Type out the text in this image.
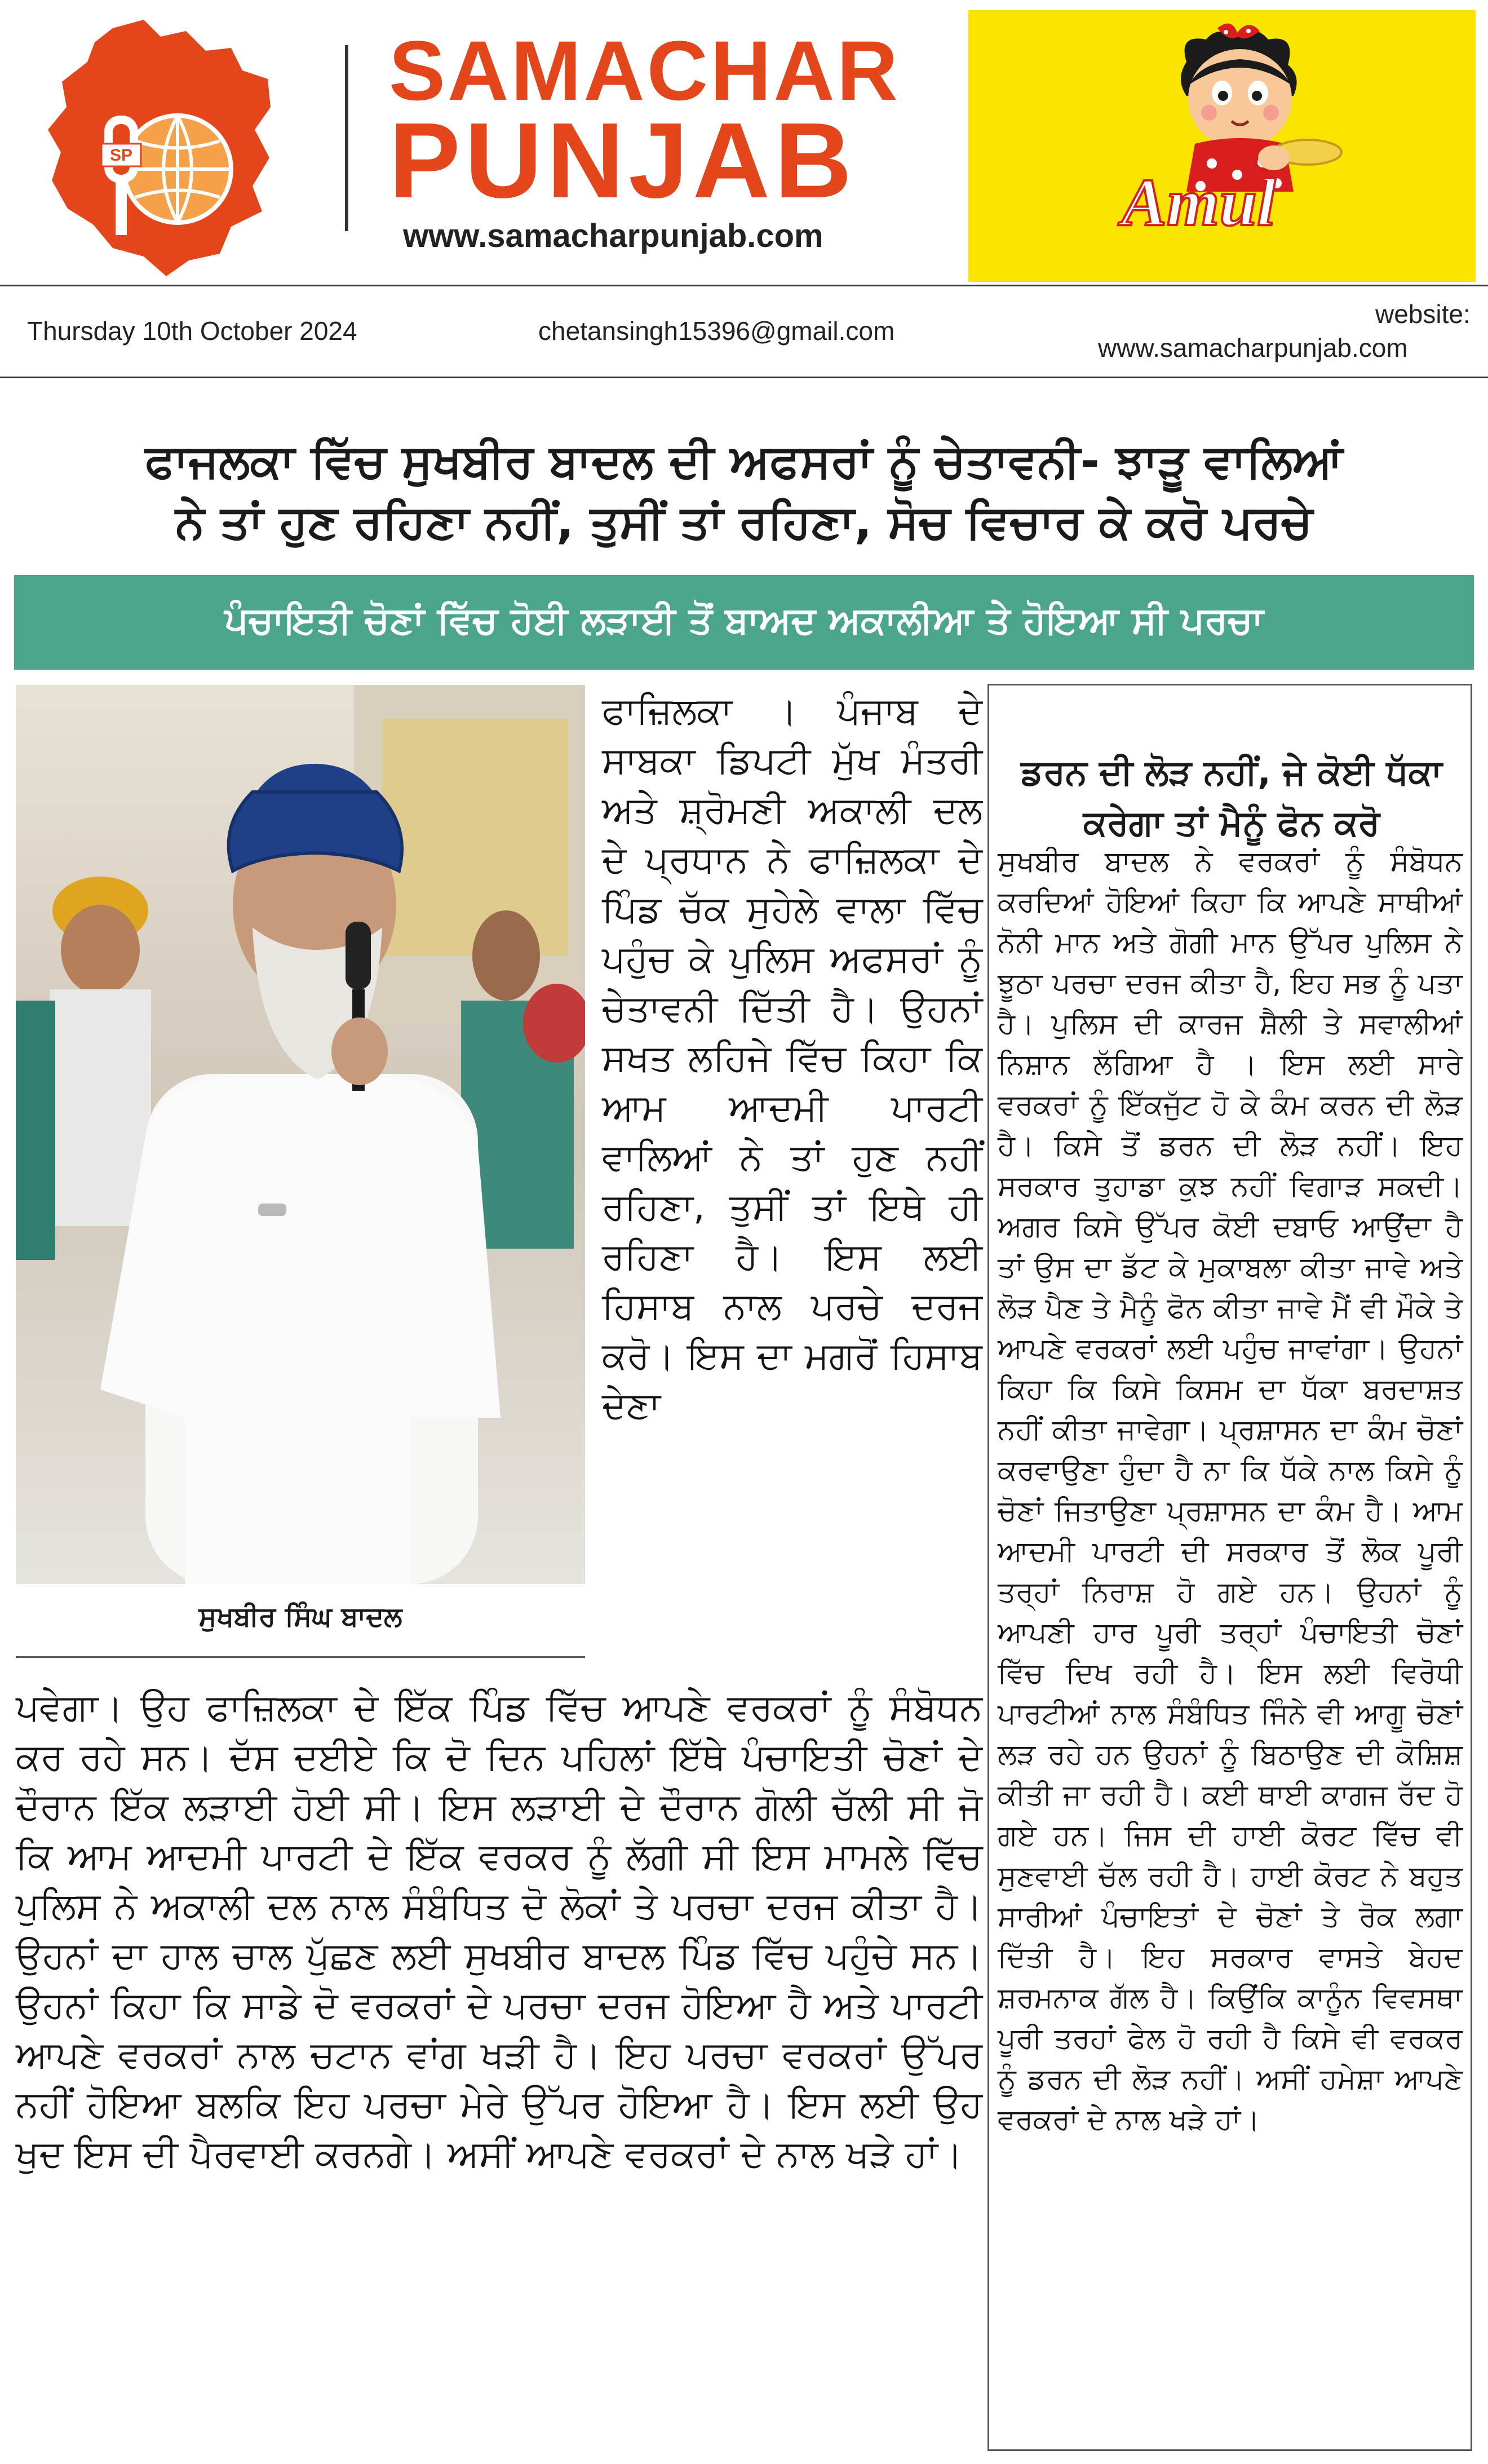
SP
SAMACHAR
PUNJAB
www.samacharpunjab.com	Amul
Thursday 10th October 2024	chetansingh15396@gmail.com
website:
www.samacharpunjab.com
ਫਾਜਲਕਾ ਵਿੱਚ ਸੁਖਬੀਰ ਬਾਦਲ ਦੀ ਅਫਸਰਾਂ ਨੂੰ ਚੇਤਾਵਨੀ- ਝਾੜੂ ਵਾਲਿਆਂ
ਨੇ ਤਾਂ ਹੁਣ ਰਹਿਣਾ ਨਹੀਂ, ਤੁਸੀਂ ਤਾਂ ਰਹਿਣਾ, ਸੋਚ ਵਿਚਾਰ ਕੇ ਕਰੋ ਪਰਚੇ
ਪੰਚਾਇਤੀ ਚੋਣਾਂ ਵਿੱਚ ਹੋਈ ਲੜਾਈ ਤੋਂ ਬਾਅਦ ਅਕਾਲੀਆ ਤੇ ਹੋਇਆ ਸੀ ਪਰਚਾ
ਸੁਖਬੀਰ ਸਿੰਘ ਬਾਦਲ
ਫਾਜ਼ਿਲਕਾ । ਪੰਜਾਬ ਦੇ ਸਾਬਕਾ ਡਿਪਟੀ ਮੁੱਖ ਮੰਤਰੀ ਅਤੇ ਸ਼੍ਰੋਮਣੀ ਅਕਾਲੀ ਦਲ ਦੇ ਪ੍ਰਧਾਨ ਨੇ ਫਾਜ਼ਿਲਕਾ ਦੇ ਪਿੰਡ ਚੱਕ ਸੁਹੇਲੇ ਵਾਲਾ ਵਿੱਚ ਪਹੁੰਚ ਕੇ ਪੁਲਿਸ ਅਫਸਰਾਂ ਨੂੰ ਚੇਤਾਵਨੀ ਦਿੱਤੀ ਹੈ। ਉਹਨਾਂ ਸਖਤ ਲਹਿਜੇ ਵਿੱਚ ਕਿਹਾ ਕਿ ਆਮ ਆਦਮੀ ਪਾਰਟੀ ਵਾਲਿਆਂ ਨੇ ਤਾਂ ਹੁਣ ਨਹੀਂ ਰਹਿਣਾ, ਤੁਸੀਂ ਤਾਂ ਇਥੇ ਹੀ ਰਹਿਣਾ ਹੈ। ਇਸ ਲਈ ਹਿਸਾਬ ਨਾਲ ਪਰਚੇ ਦਰਜ ਕਰੋ। ਇਸ ਦਾ ਮਗਰੋਂ ਹਿਸਾਬ ਦੇਣਾ
ਪਵੇਗਾ। ਉਹ ਫਾਜ਼ਿਲਕਾ ਦੇ ਇੱਕ ਪਿੰਡ ਵਿੱਚ ਆਪਣੇ ਵਰਕਰਾਂ ਨੂੰ ਸੰਬੋਧਨ ਕਰ ਰਹੇ ਸਨ। ਦੱਸ ਦਈਏ ਕਿ ਦੋ ਦਿਨ ਪਹਿਲਾਂ ਇੱਥੇ ਪੰਚਾਇਤੀ ਚੋਣਾਂ ਦੇ ਦੌਰਾਨ ਇੱਕ ਲੜਾਈ ਹੋਈ ਸੀ। ਇਸ ਲੜਾਈ ਦੇ ਦੌਰਾਨ ਗੋਲੀ ਚੱਲੀ ਸੀ ਜੋ ਕਿ ਆਮ ਆਦਮੀ ਪਾਰਟੀ ਦੇ ਇੱਕ ਵਰਕਰ ਨੂੰ ਲੱਗੀ ਸੀ ਇਸ ਮਾਮਲੇ ਵਿੱਚ ਪੁਲਿਸ ਨੇ ਅਕਾਲੀ ਦਲ ਨਾਲ ਸੰਬੰਧਿਤ ਦੋ ਲੋਕਾਂ ਤੇ ਪਰਚਾ ਦਰਜ ਕੀਤਾ ਹੈ। ਉਹਨਾਂ ਦਾ ਹਾਲ ਚਾਲ ਪੁੱਛਣ ਲਈ ਸੁਖਬੀਰ ਬਾਦਲ ਪਿੰਡ ਵਿੱਚ ਪਹੁੰਚੇ ਸਨ। ਉਹਨਾਂ ਕਿਹਾ ਕਿ ਸਾਡੇ ਦੋ ਵਰਕਰਾਂ ਦੇ ਪਰਚਾ ਦਰਜ ਹੋਇਆ ਹੈ ਅਤੇ ਪਾਰਟੀ ਆਪਣੇ ਵਰਕਰਾਂ ਨਾਲ ਚਟਾਨ ਵਾਂਗ ਖੜੀ ਹੈ। ਇਹ ਪਰਚਾ ਵਰਕਰਾਂ ਉੱਪਰ ਨਹੀਂ ਹੋਇਆ ਬਲਕਿ ਇਹ ਪਰਚਾ ਮੇਰੇ ਉੱਪਰ ਹੋਇਆ ਹੈ। ਇਸ ਲਈ ਉਹ ਖੁਦ ਇਸ ਦੀ ਪੈਰਵਾਈ ਕਰਨਗੇ। ਅਸੀਂ ਆਪਣੇ ਵਰਕਰਾਂ ਦੇ ਨਾਲ ਖੜੇ ਹਾਂ।
ਡਰਨ ਦੀ ਲੋੜ ਨਹੀਂ, ਜੇ ਕੋਈ ਧੱਕਾ ਕਰੇਗਾ ਤਾਂ ਮੈਨੂੰ ਫੋਨ ਕਰੋ
ਸੁਖਬੀਰ ਬਾਦਲ ਨੇ ਵਰਕਰਾਂ ਨੂੰ ਸੰਬੋਧਨ ਕਰਦਿਆਂ ਹੋਇਆਂ ਕਿਹਾ ਕਿ ਆਪਣੇ ਸਾਥੀਆਂ ਨੋਨੀ ਮਾਨ ਅਤੇ ਗੋਗੀ ਮਾਨ ਉੱਪਰ ਪੁਲਿਸ ਨੇ ਝੂਠਾ ਪਰਚਾ ਦਰਜ ਕੀਤਾ ਹੈ, ਇਹ ਸਭ ਨੂੰ ਪਤਾ ਹੈ। ਪੁਲਿਸ ਦੀ ਕਾਰਜ ਸ਼ੈਲੀ ਤੇ ਸਵਾਲੀਆਂ ਨਿਸ਼ਾਨ ਲੱਗਿਆ ਹੈ । ਇਸ ਲਈ ਸਾਰੇ ਵਰਕਰਾਂ ਨੂੰ ਇੱਕਜੁੱਟ ਹੋ ਕੇ ਕੰਮ ਕਰਨ ਦੀ ਲੋੜ ਹੈ। ਕਿਸੇ ਤੋਂ ਡਰਨ ਦੀ ਲੋੜ ਨਹੀਂ। ਇਹ ਸਰਕਾਰ ਤੁਹਾਡਾ ਕੁਝ ਨਹੀਂ ਵਿਗਾੜ ਸਕਦੀ। ਅਗਰ ਕਿਸੇ ਉੱਪਰ ਕੋਈ ਦਬਾਓ ਆਉਂਦਾ ਹੈ ਤਾਂ ਉਸ ਦਾ ਡੱਟ ਕੇ ਮੁਕਾਬਲਾ ਕੀਤਾ ਜਾਵੇ ਅਤੇ ਲੋੜ ਪੈਣ ਤੇ ਮੈਨੂੰ ਫੋਨ ਕੀਤਾ ਜਾਵੇ ਮੈਂ ਵੀ ਮੌਕੇ ਤੇ ਆਪਣੇ ਵਰਕਰਾਂ ਲਈ ਪਹੁੰਚ ਜਾਵਾਂਗਾ। ਉਹਨਾਂ ਕਿਹਾ ਕਿ ਕਿਸੇ ਕਿਸਮ ਦਾ ਧੱਕਾ ਬਰਦਾਸ਼ਤ ਨਹੀਂ ਕੀਤਾ ਜਾਵੇਗਾ। ਪ੍ਰਸ਼ਾਸਨ ਦਾ ਕੰਮ ਚੋਣਾਂ ਕਰਵਾਉਣਾ ਹੁੰਦਾ ਹੈ ਨਾ ਕਿ ਧੱਕੇ ਨਾਲ ਕਿਸੇ ਨੂੰ ਚੋਣਾਂ ਜਿਤਾਉਣਾ ਪ੍ਰਸ਼ਾਸਨ ਦਾ ਕੰਮ ਹੈ। ਆਮ ਆਦਮੀ ਪਾਰਟੀ ਦੀ ਸਰਕਾਰ ਤੋਂ ਲੋਕ ਪੂਰੀ ਤਰ੍ਹਾਂ ਨਿਰਾਸ਼ ਹੋ ਗਏ ਹਨ। ਉਹਨਾਂ ਨੂੰ ਆਪਣੀ ਹਾਰ ਪੂਰੀ ਤਰ੍ਹਾਂ ਪੰਚਾਇਤੀ ਚੋਣਾਂ ਵਿੱਚ ਦਿਖ ਰਹੀ ਹੈ। ਇਸ ਲਈ ਵਿਰੋਧੀ ਪਾਰਟੀਆਂ ਨਾਲ ਸੰਬੰਧਿਤ ਜਿੰਨੇ ਵੀ ਆਗੂ ਚੋਣਾਂ ਲੜ ਰਹੇ ਹਨ ਉਹਨਾਂ ਨੂੰ ਬਿਠਾਉਣ ਦੀ ਕੋਸ਼ਿਸ਼ ਕੀਤੀ ਜਾ ਰਹੀ ਹੈ। ਕਈ ਥਾਈ ਕਾਗਜ ਰੱਦ ਹੋ ਗਏ ਹਨ। ਜਿਸ ਦੀ ਹਾਈ ਕੋਰਟ ਵਿੱਚ ਵੀ ਸੁਣਵਾਈ ਚੱਲ ਰਹੀ ਹੈ। ਹਾਈ ਕੋਰਟ ਨੇ ਬਹੁਤ ਸਾਰੀਆਂ ਪੰਚਾਇਤਾਂ ਦੇ ਚੋਣਾਂ ਤੇ ਰੋਕ ਲਗਾ ਦਿੱਤੀ ਹੈ। ਇਹ ਸਰਕਾਰ ਵਾਸਤੇ ਬੇਹਦ ਸ਼ਰਮਨਾਕ ਗੱਲ ਹੈ। ਕਿਉਂਕਿ ਕਾਨੂੰਨ ਵਿਵਸਥਾ ਪੂਰੀ ਤਰਹਾਂ ਫੇਲ ਹੋ ਰਹੀ ਹੈ ਕਿਸੇ ਵੀ ਵਰਕਰ ਨੂੰ ਡਰਨ ਦੀ ਲੋੜ ਨਹੀਂ। ਅਸੀਂ ਹਮੇਸ਼ਾ ਆਪਣੇ ਵਰਕਰਾਂ ਦੇ ਨਾਲ ਖੜੇ ਹਾਂ।
